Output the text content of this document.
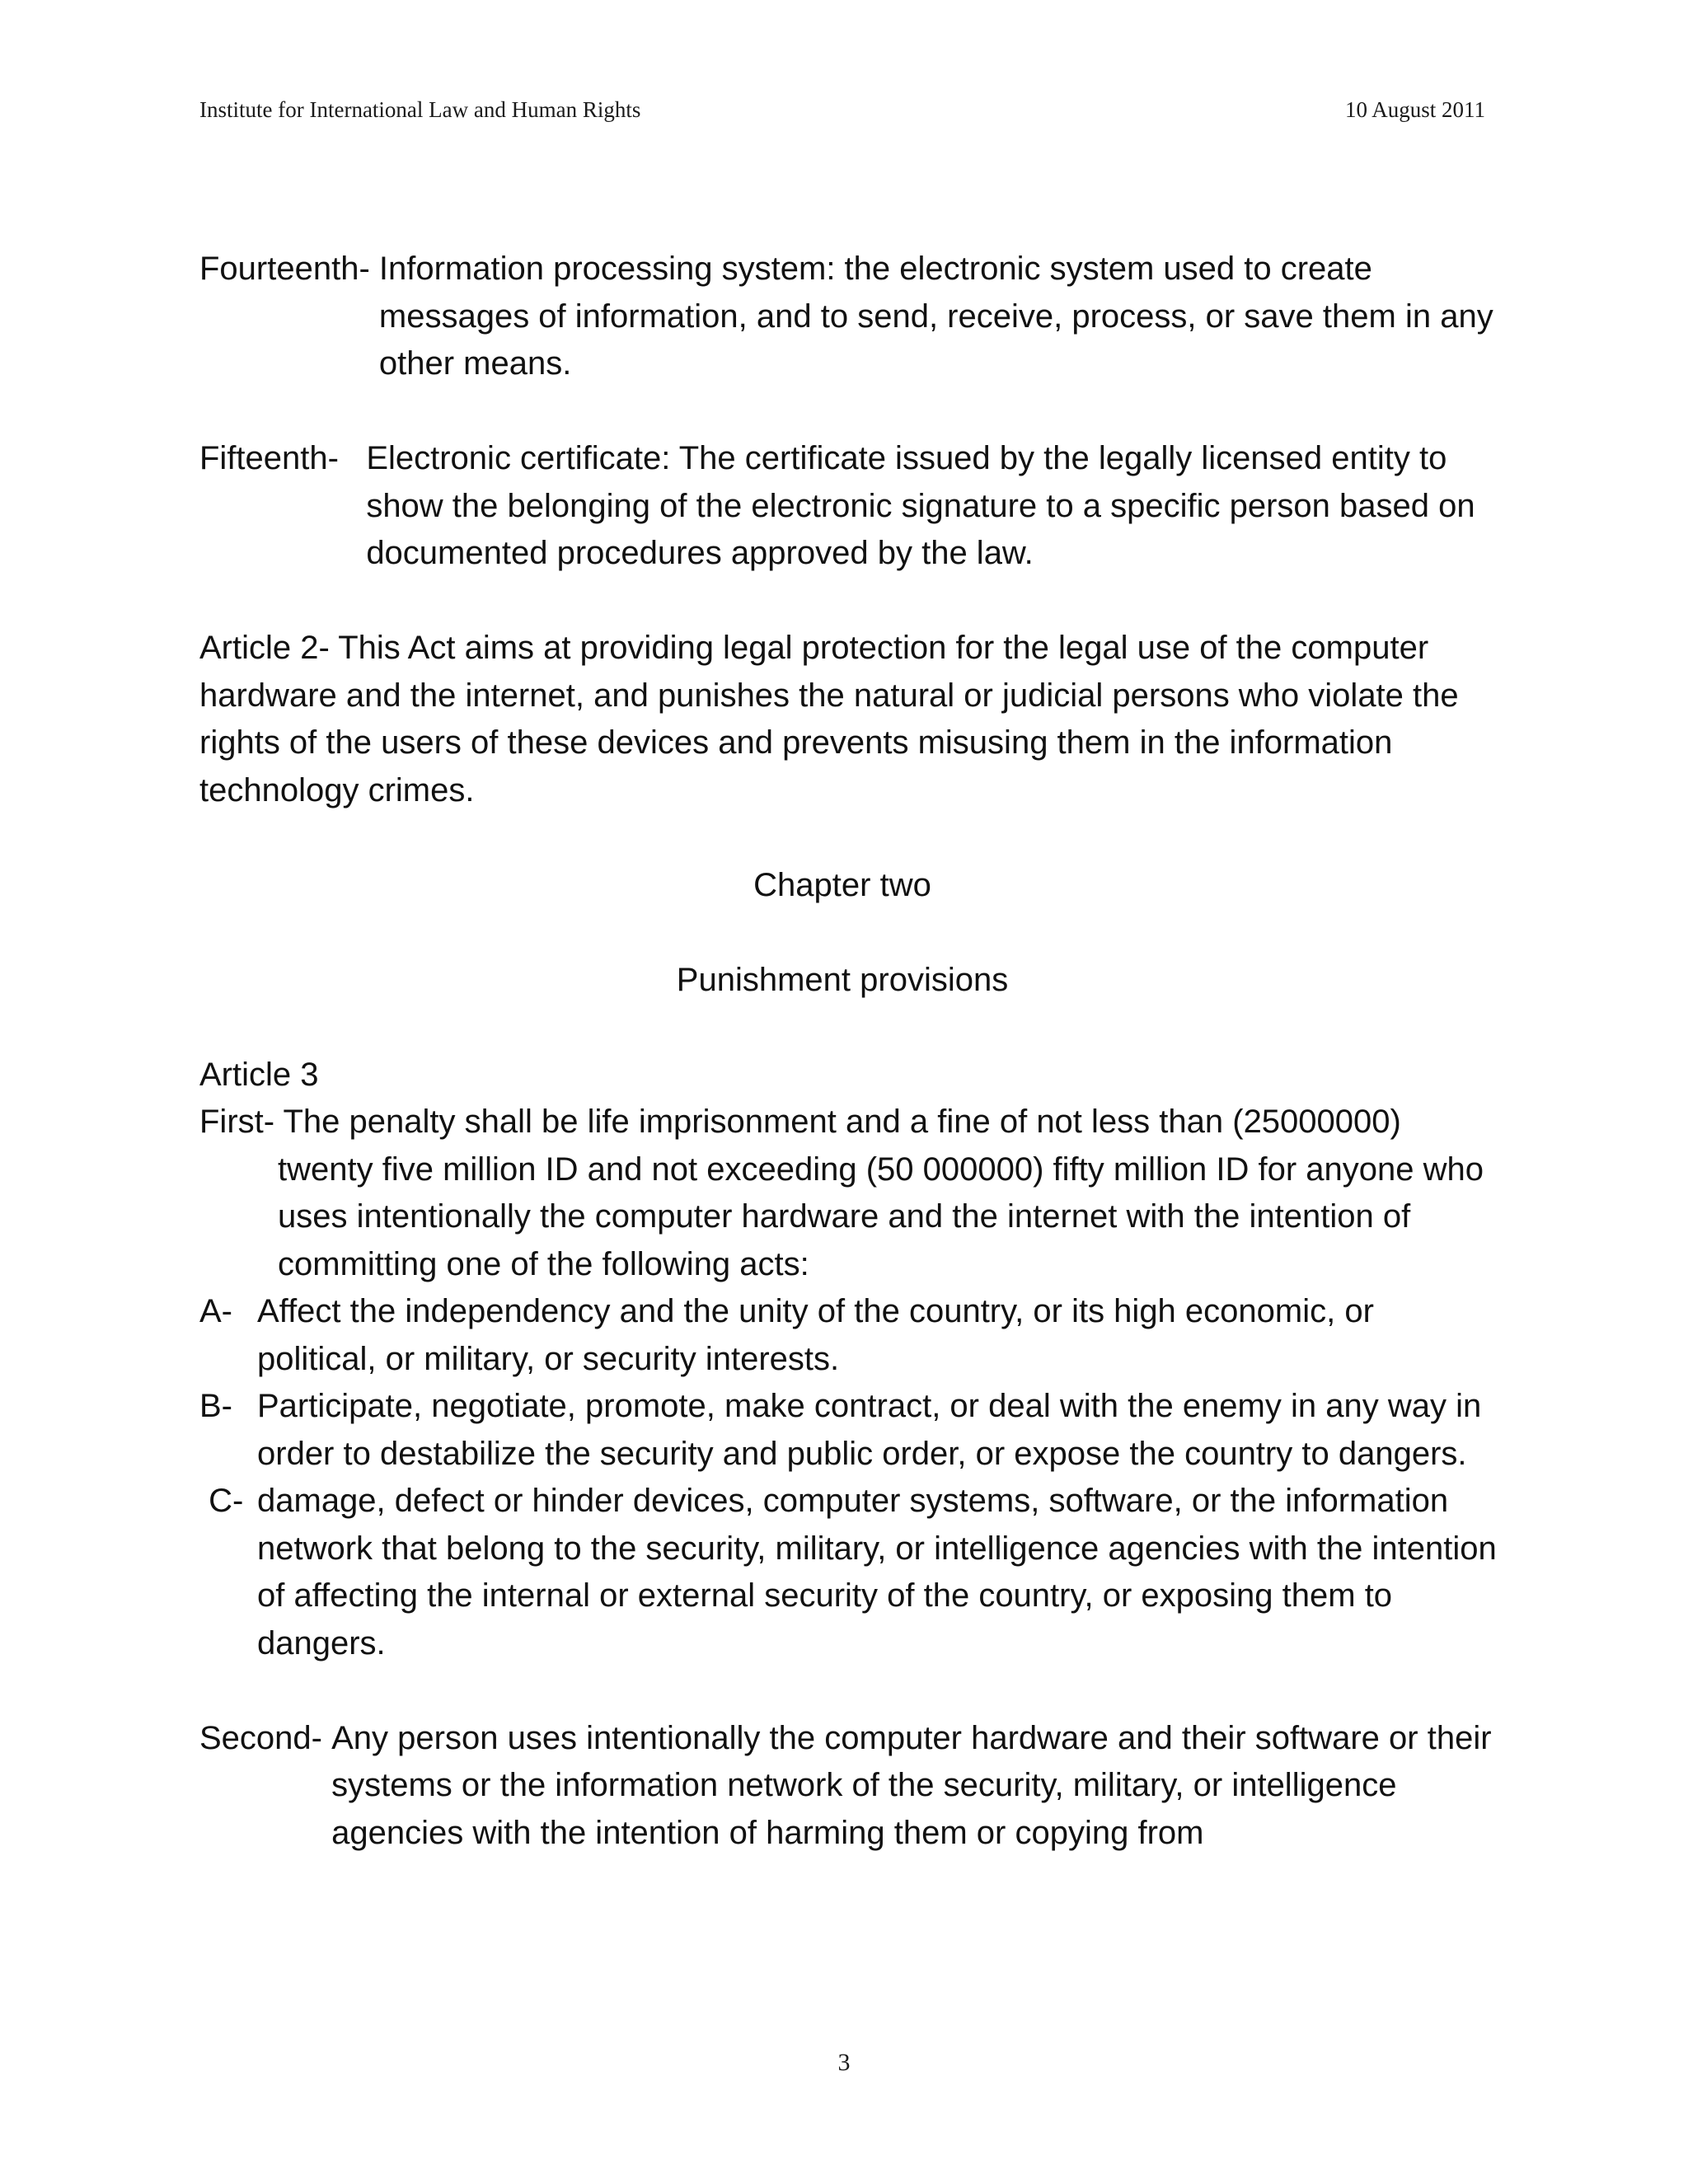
Institute for International Law and Human Rights	10 August 2011
Fourteenth- Information processing system: the electronic system used to create messages of information, and to send, receive, process, or save them in any other means.
Fifteenth- Electronic certificate: The certificate issued by the legally licensed entity to show the belonging of the electronic signature to a specific person based on documented procedures approved by the law.

Article 2- This Act aims at providing legal protection for the legal use of the computer hardware and the internet, and punishes the natural or judicial persons who violate the rights of the users of these devices and prevents misusing them in the information technology crimes.

Chapter two

Punishment provisions

Article 3

First- The penalty shall be life imprisonment and a fine of not less than (25000000) twenty five million ID and not exceeding (50 000000) fifty million ID for anyone who uses intentionally the computer hardware and the internet with the intention of committing one of the following acts:

A-
Affect the independency and the unity of the country, or its high economic, or political, or military, or security interests.
B- Participate, negotiate, promote, make contract, or deal with the enemy in any way in order to destabilize the security and public order, or expose the country to dangers.
C- damage, defect or hinder devices, computer systems, software, or the information network that belong to the security, military, or intelligence agencies with the intention of affecting the internal or external security of the country, or exposing them to dangers.
Second- Any person uses intentionally the computer hardware and their software or their systems or the information network of the security, military, or intelligence agencies with the intention of harming them or copying from
3
